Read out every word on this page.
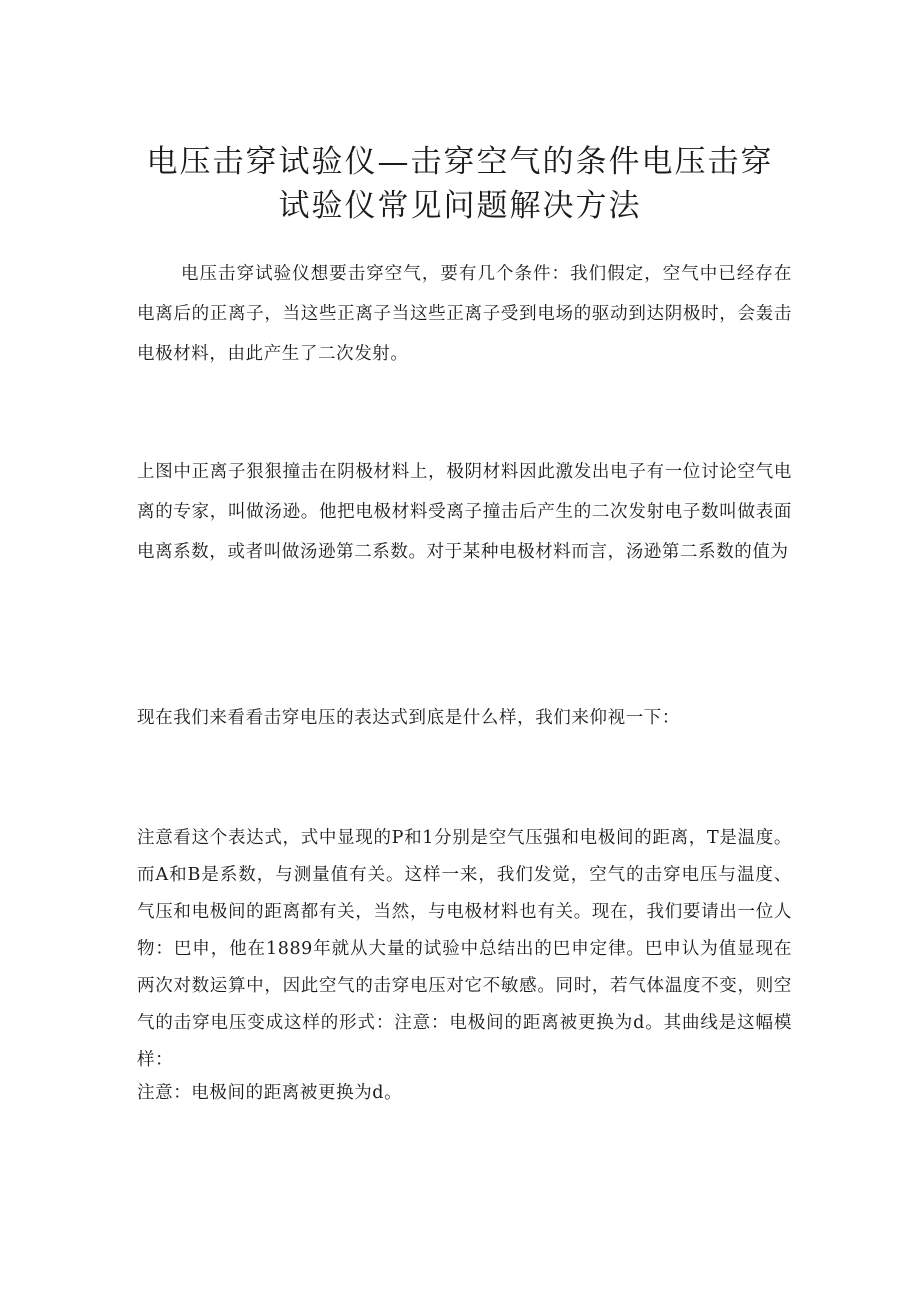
电压击穿试验仪—击穿空气的条件电压击穿
试验仪常见问题解决方法

电压击穿试验仪想要击穿空气，要有几个条件：我们假定，空气中已经存在电离后的正离子，当这些正离子当这些正离子受到电场的驱动到达阴极时，会轰击电极材料，由此产生了二次发射。

上图中正离子狠狠撞击在阴极材料上，极阴材料因此激发出电子有一位讨论空气电离的专家，叫做汤逊。他把电极材料受离子撞击后产生的二次发射电子数叫做表面电离系数，或者叫做汤逊第二系数。对于某种电极材料而言，汤逊第二系数的值为

现在我们来看看击穿电压的表达式到底是什么样，我们来仰视一下：

注意看这个表达式，式中显现的P和1分别是空气压强和电极间的距离，T是温度。而A和B是系数，与测量值有关。这样一来，我们发觉，空气的击穿电压与温度、气压和电极间的距离都有关，当然，与电极材料也有关。现在，我们要请出一位人物：巴申，他在1889年就从大量的试验中总结出的巴申定律。巴申认为值显现在两次对数运算中，因此空气的击穿电压对它不敏感。同时，若气体温度不变，则空气的击穿电压变成这样的形式：注意：电极间的距离被更换为d。其曲线是这幅模样：

注意：电极间的距离被更换为d。
